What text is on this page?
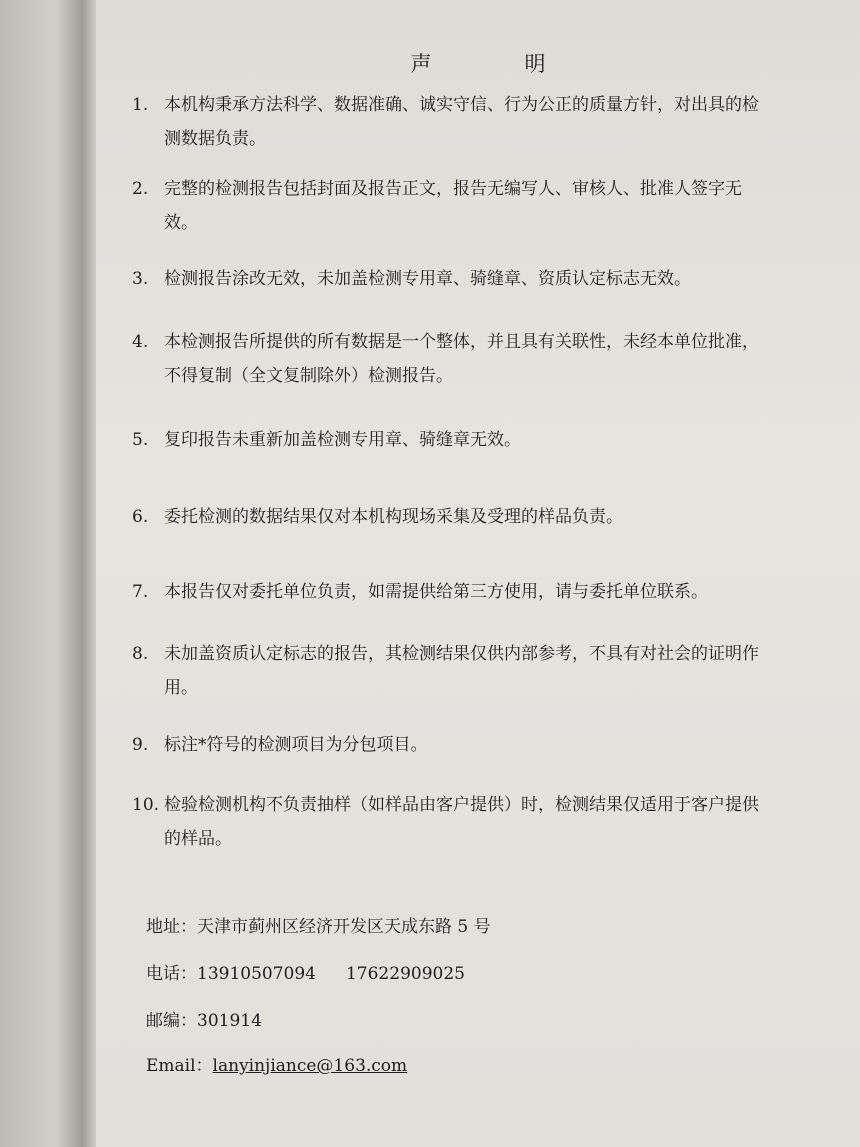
声　明
1. 本机构秉承方法科学、数据准确、诚实守信、行为公正的质量方针，对出具的检测数据负责。
2. 完整的检测报告包括封面及报告正文，报告无编写人、审核人、批准人签字无效。
3. 检测报告涂改无效，未加盖检测专用章、骑缝章、资质认定标志无效。
4. 本检测报告所提供的所有数据是一个整体，并且具有关联性，未经本单位批准，不得复制（全文复制除外）检测报告。
5. 复印报告未重新加盖检测专用章、骑缝章无效。
6. 委托检测的数据结果仅对本机构现场采集及受理的样品负责。
7. 本报告仅对委托单位负责，如需提供给第三方使用，请与委托单位联系。
8. 未加盖资质认定标志的报告，其检测结果仅供内部参考，不具有对社会的证明作用。
9. 标注*符号的检测项目为分包项目。
10. 检验检测机构不负责抽样（如样品由客户提供）时，检测结果仅适用于客户提供的样品。
地址：天津市蓟州区经济开发区天成东路 5 号
电话：13910507094 17622909025
邮编：301914
Email：lanyinjiance@163.com
